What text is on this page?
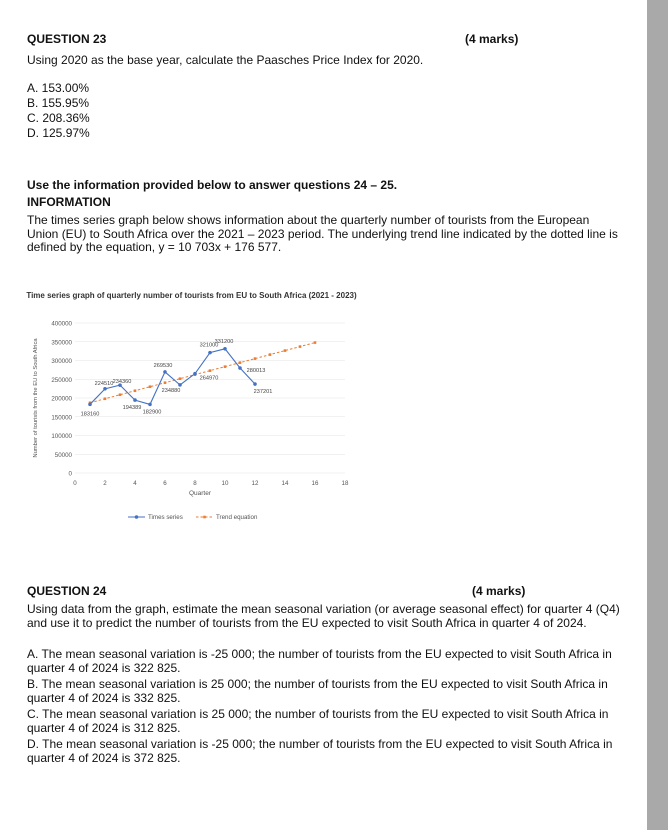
QUESTION 23	(4 marks)
Using 2020 as the base year, calculate the Paasches Price Index for 2020.
A. 153.00%
B. 155.95%
C. 208.36%
D. 125.97%
Use the information provided below to answer questions 24 – 25.
INFORMATION
The times series graph below shows information about the quarterly number of tourists from the European Union (EU) to South Africa over the 2021 – 2023 period. The underlying trend line indicated by the dotted line is defined by the equation, y = 10 703x + 176 577.
Time series graph of quarterly number of tourists from EU to South Africa (2021 - 2023)
0
50000
100000
150000
200000
250000
300000
350000
400000
0	2	4	6	8	10	12	14	16	18
Quarter
Number of tourists from the EU to South Africa	183160
224510 234360
194389
182900
269530
234880
264970
321000
331200
280013
237201
Times series	Trend equation
QUESTION 24	(4 marks)
Using data from the graph, estimate the mean seasonal variation (or average seasonal effect) for quarter 4 (Q4) and use it to predict the number of tourists from the EU expected to visit South Africa in quarter 4 of 2024.
A. The mean seasonal variation is -25 000; the number of tourists from the EU expected to visit South Africa in quarter 4 of 2024 is 322 825.
B. The mean seasonal variation is 25 000; the number of tourists from the EU expected to visit South Africa in quarter 4 of 2024 is 332 825.
C. The mean seasonal variation is 25 000; the number of tourists from the EU expected to visit South Africa in quarter 4 of 2024 is 312 825.
D. The mean seasonal variation is -25 000; the number of tourists from the EU expected to visit South Africa in quarter 4 of 2024 is 372 825.
